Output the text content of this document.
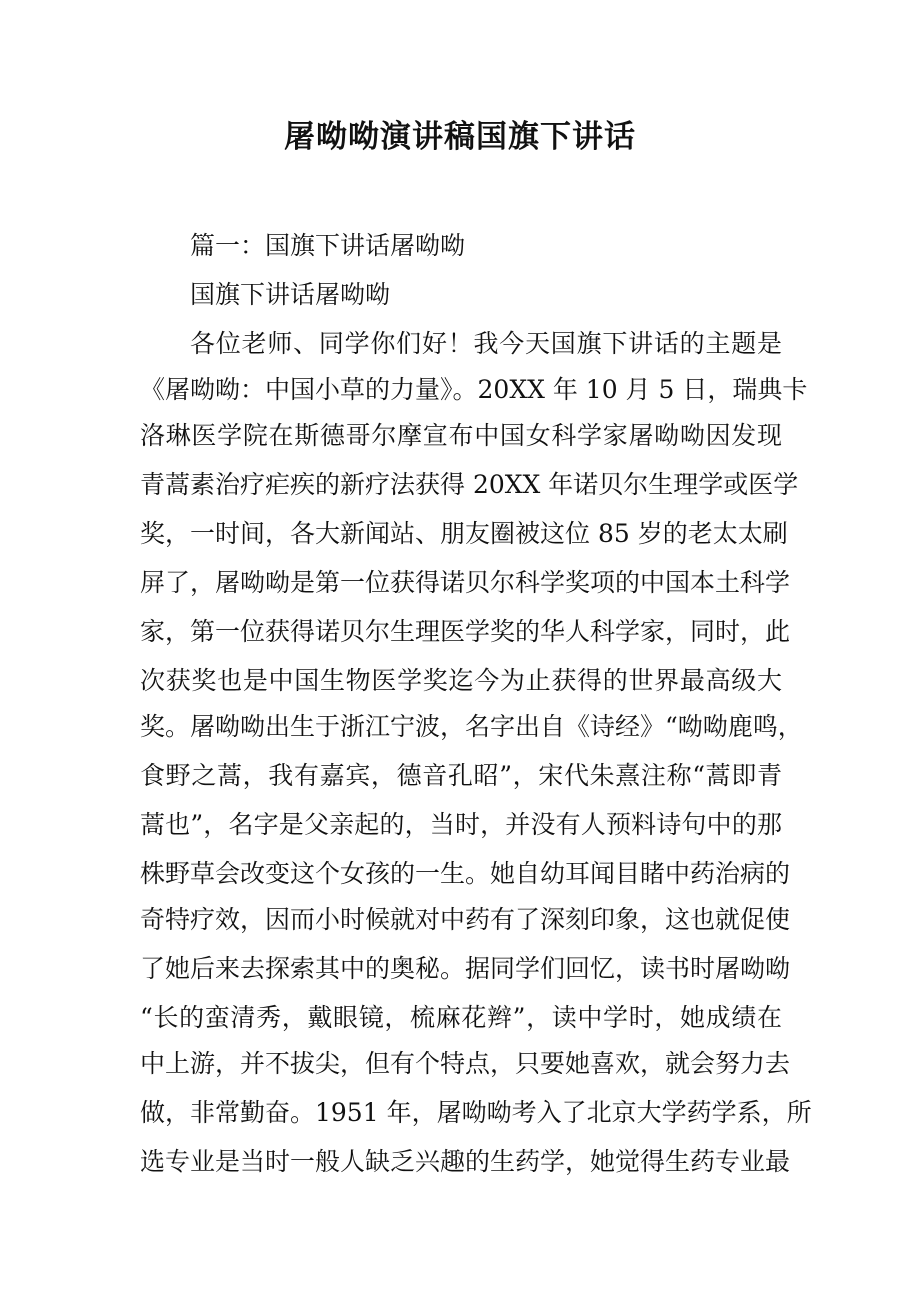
屠呦呦演讲稿国旗下讲话
篇一：国旗下讲话屠呦呦
国旗下讲话屠呦呦
各位老师、同学你们好！我今天国旗下讲话的主题是
《屠呦呦：中国小草的力量》。20XX 年 10 月 5 日，瑞典卡
洛琳医学院在斯德哥尔摩宣布中国女科学家屠呦呦因发现
青蒿素治疗疟疾的新疗法获得 20XX 年诺贝尔生理学或医学
奖，一时间，各大新闻站、朋友圈被这位 85 岁的老太太刷
屏了，屠呦呦是第一位获得诺贝尔科学奖项的中国本土科学
家，第一位获得诺贝尔生理医学奖的华人科学家，同时，此
次获奖也是中国生物医学奖迄今为止获得的世界最高级大
奖。屠呦呦出生于浙江宁波，名字出自《诗经》“呦呦鹿鸣，
食野之蒿，我有嘉宾，德音孔昭”，宋代朱熹注称“蒿即青
蒿也”，名字是父亲起的，当时，并没有人预料诗句中的那
株野草会改变这个女孩的一生。她自幼耳闻目睹中药治病的
奇特疗效，因而小时候就对中药有了深刻印象，这也就促使
了她后来去探索其中的奥秘。据同学们回忆，读书时屠呦呦
“长的蛮清秀，戴眼镜，梳麻花辫”，读中学时，她成绩在
中上游，并不拔尖，但有个特点，只要她喜欢，就会努力去
做，非常勤奋。1951 年，屠呦呦考入了北京大学药学系，所
选专业是当时一般人缺乏兴趣的生药学，她觉得生药专业最
